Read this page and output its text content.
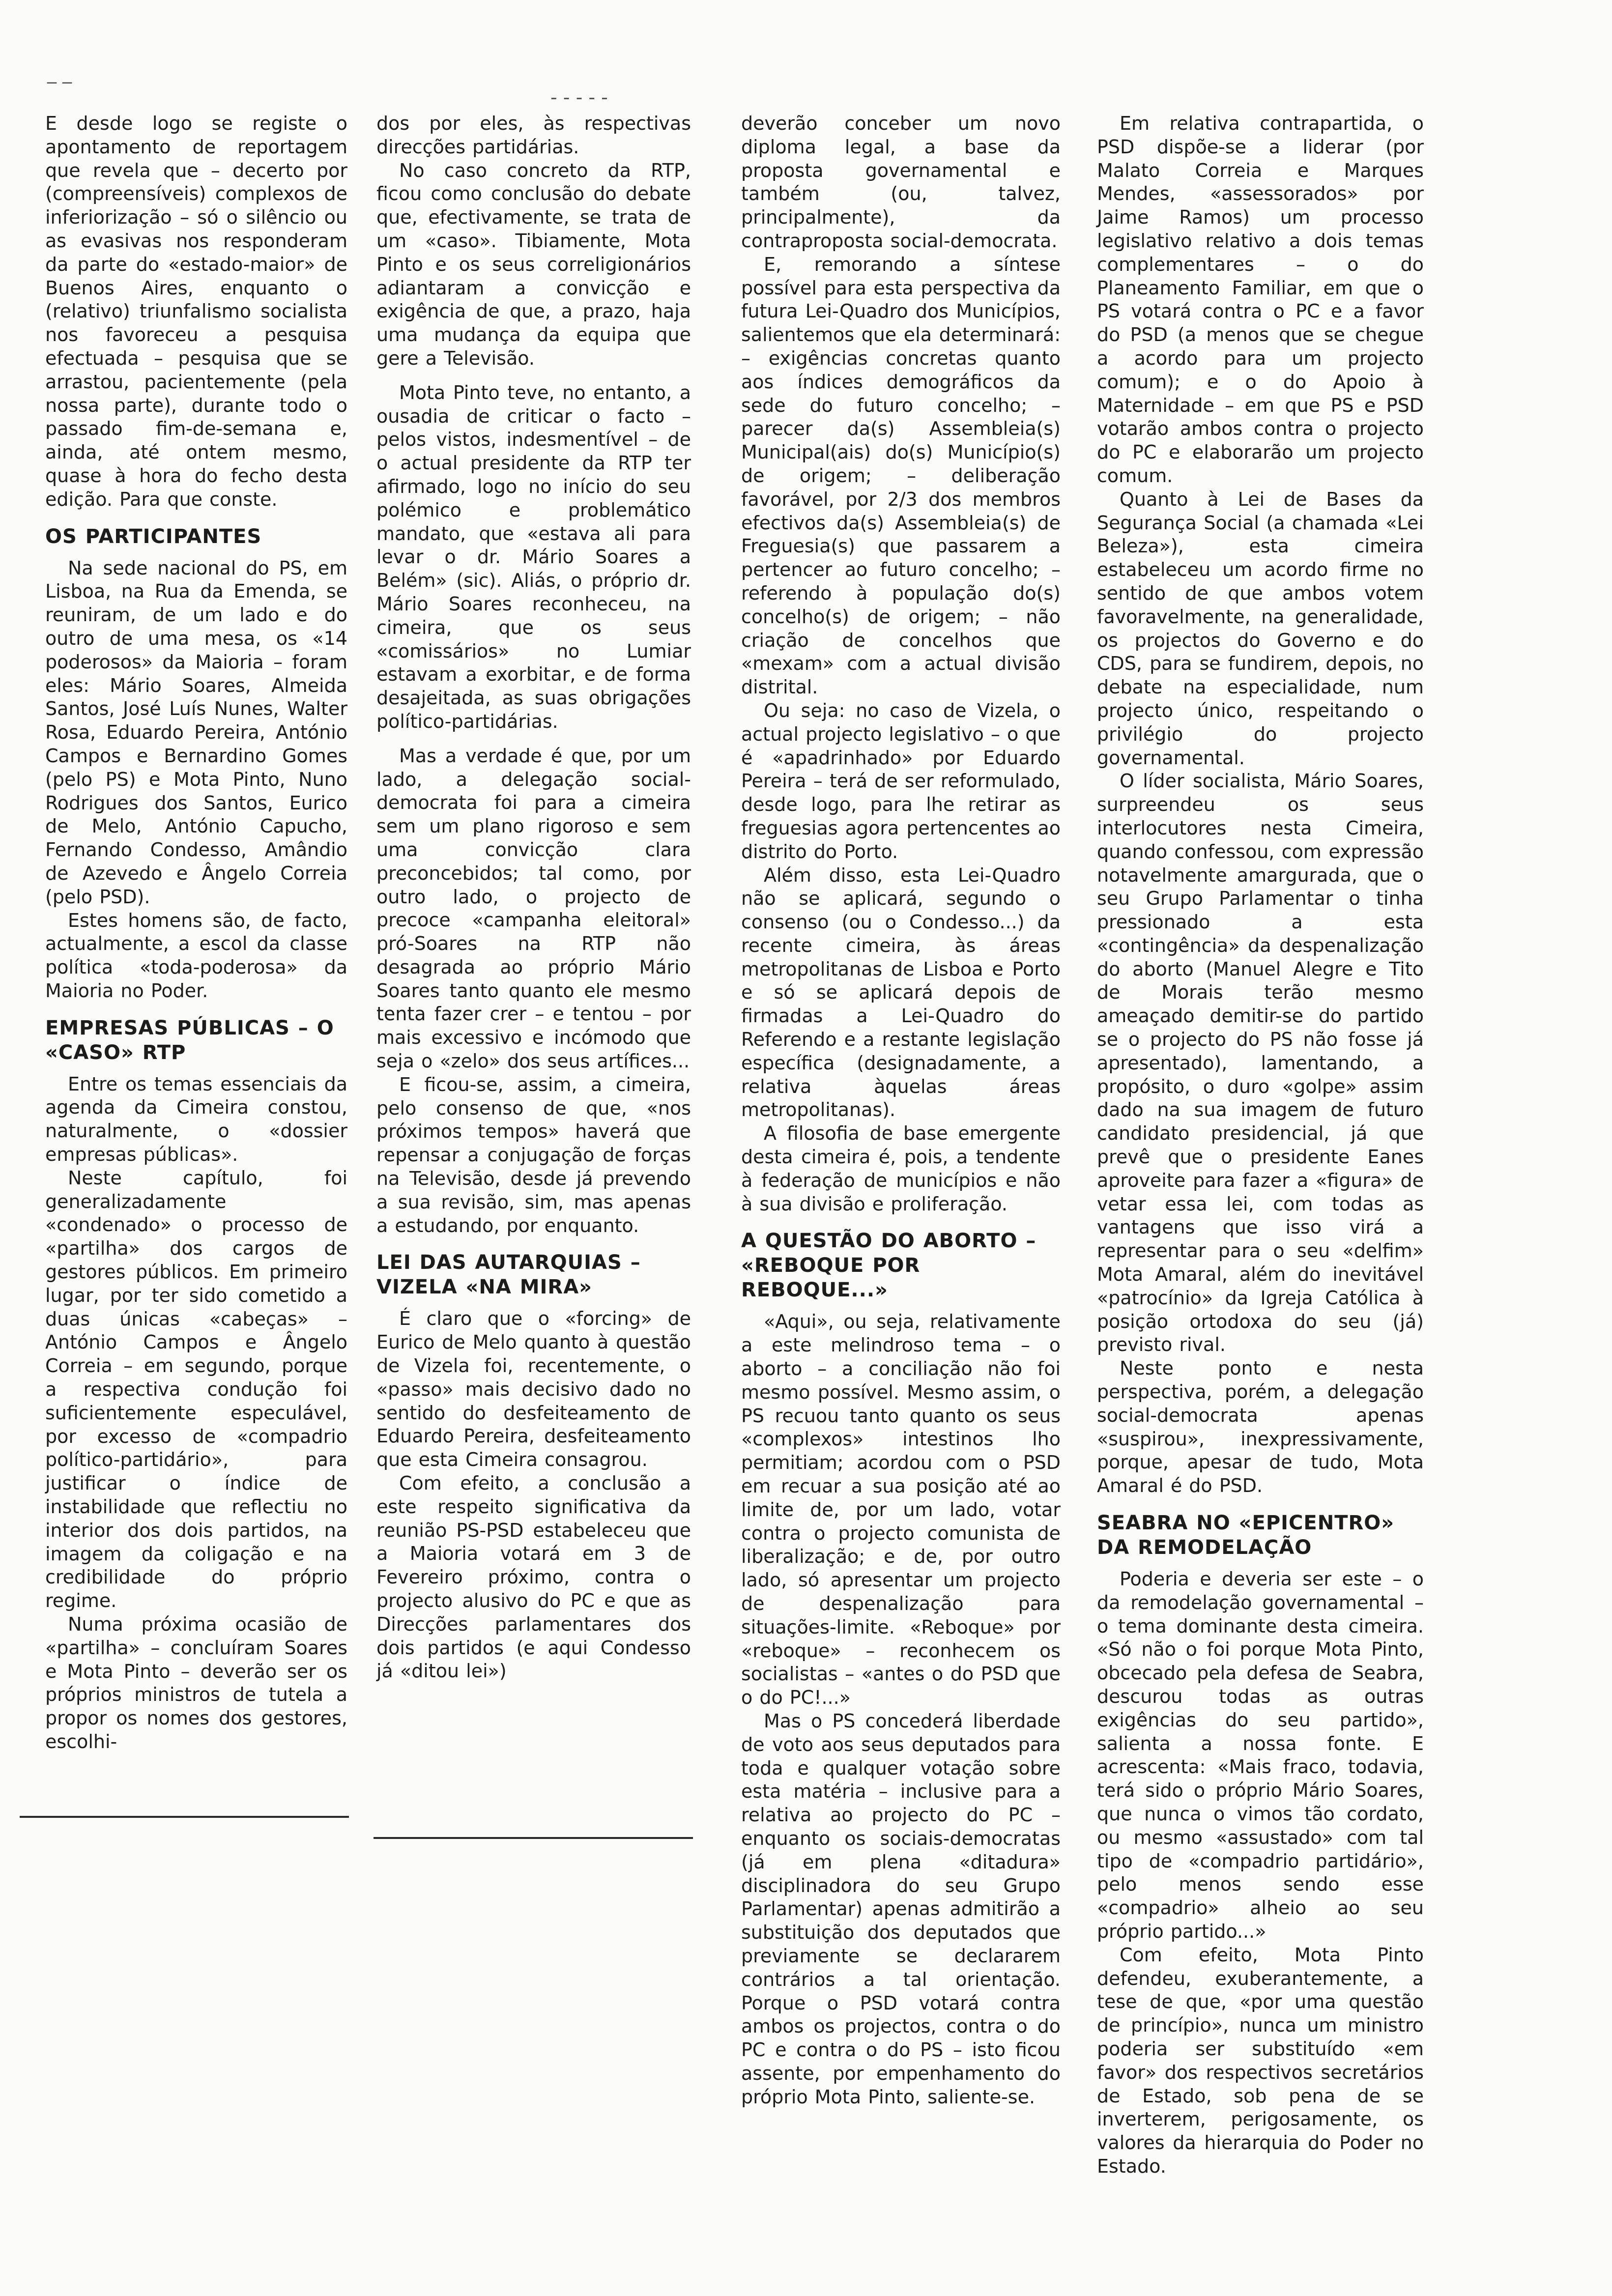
_ _
- - - - -

E desde logo se registe o apontamento de reportagem que revela que – decerto por (compreensíveis) complexos de inferiorização – só o silêncio ou as evasivas nos responderam da parte do «estado-maior» de Buenos Aires, enquanto o (relativo) triunfalismo socialista nos favoreceu a pesquisa efectuada – pesquisa que se arrastou, pacientemente (pela nossa parte), durante todo o passado fim-de-semana e, ainda, até ontem mesmo, quase à hora do fecho desta edição. Para que conste.

OS PARTICIPANTES

Na sede nacional do PS, em Lisboa, na Rua da Emenda, se reuniram, de um lado e do outro de uma mesa, os «14 poderosos» da Maioria – foram eles: Mário Soares, Almeida Santos, José Luís Nunes, Walter Rosa, Eduardo Pereira, António Campos e Bernardino Gomes (pelo PS) e Mota Pinto, Nuno Rodrigues dos Santos, Eurico de Melo, António Capucho, Fernando Condesso, Amândio de Azevedo e Ângelo Correia (pelo PSD).

Estes homens são, de facto, actualmente, a escol da classe política «toda-poderosa» da Maioria no Poder.

EMPRESAS PÚBLICAS – O «CASO» RTP

Entre os temas essenciais da agenda da Cimeira constou, naturalmente, o «dossier empresas públicas».

Neste capítulo, foi generalizadamente «condenado» o processo de «partilha» dos cargos de gestores públicos. Em primeiro lugar, por ter sido cometido a duas únicas «cabeças» – António Campos e Ângelo Correia – em segundo, porque a respectiva condução foi suficientemente especulável, por excesso de «compadrio político-partidário», para justificar o índice de instabilidade que reflectiu no interior dos dois partidos, na imagem da coligação e na credibilidade do próprio regime.

Numa próxima ocasião de «partilha» – concluíram Soares e Mota Pinto – deverão ser os próprios ministros de tutela a propor os nomes dos gestores, escolhi-

dos por eles, às respectivas direcções partidárias.

No caso concreto da RTP, ficou como conclusão do debate que, efectivamente, se trata de um «caso». Tibiamente, Mota Pinto e os seus correligionários adiantaram a convicção e exigência de que, a prazo, haja uma mudança da equipa que gere a Televisão.

Mota Pinto teve, no entanto, a ousadia de criticar o facto – pelos vistos, indesmentível – de o actual presidente da RTP ter afirmado, logo no início do seu polémico e problemático mandato, que «estava ali para levar o dr. Mário Soares a Belém» (sic). Aliás, o próprio dr. Mário Soares reconheceu, na cimeira, que os seus «comissários» no Lumiar estavam a exorbitar, e de forma desajeitada, as suas obrigações político-partidárias.

Mas a verdade é que, por um lado, a delegação social-democrata foi para a cimeira sem um plano rigoroso e sem uma convicção clara preconcebidos; tal como, por outro lado, o projecto de precoce «campanha eleitoral» pró-Soares na RTP não desagrada ao próprio Mário Soares tanto quanto ele mesmo tenta fazer crer – e tentou – por mais excessivo e incómodo que seja o «zelo» dos seus artífices...

E ficou-se, assim, a cimeira, pelo consenso de que, «nos próximos tempos» haverá que repensar a conjugação de forças na Televisão, desde já prevendo a sua revisão, sim, mas apenas a estudando, por enquanto.

LEI DAS AUTARQUIAS – VIZELA «NA MIRA»

É claro que o «forcing» de Eurico de Melo quanto à questão de Vizela foi, recentemente, o «passo» mais decisivo dado no sentido do desfeiteamento de Eduardo Pereira, desfeiteamento que esta Cimeira consagrou.

Com efeito, a conclusão a este respeito significativa da reunião PS-PSD estabeleceu que a Maioria votará em 3 de Fevereiro próximo, contra o projecto alusivo do PC e que as Direcções parlamentares dos dois partidos (e aqui Condesso já «ditou lei»)

deverão conceber um novo diploma legal, a base da proposta governamental e também (ou, talvez, principalmente), da contraproposta social-democrata.

E, remorando a síntese possível para esta perspectiva da futura Lei-Quadro dos Municípios, salientemos que ela determinará: – exigências concretas quanto aos índices demográficos da sede do futuro concelho; – parecer da(s) Assembleia(s) Municipal(ais) do(s) Município(s) de origem; – deliberação favorável, por 2/3 dos membros efectivos da(s) Assembleia(s) de Freguesia(s) que passarem a pertencer ao futuro concelho; – referendo à população do(s) concelho(s) de origem; – não criação de concelhos que «mexam» com a actual divisão distrital.

Ou seja: no caso de Vizela, o actual projecto legislativo – o que é «apadrinhado» por Eduardo Pereira – terá de ser reformulado, desde logo, para lhe retirar as freguesias agora pertencentes ao distrito do Porto.

Além disso, esta Lei-Quadro não se aplicará, segundo o consenso (ou o Condesso...) da recente cimeira, às áreas metropolitanas de Lisboa e Porto e só se aplicará depois de firmadas a Lei-Quadro do Referendo e a restante legislação específica (designadamente, a relativa àquelas áreas metropolitanas).

A filosofia de base emergente desta cimeira é, pois, a tendente à federação de municípios e não à sua divisão e proliferação.

A QUESTÃO DO ABORTO – «REBOQUE POR REBOQUE...»

«Aqui», ou seja, relativamente a este melindroso tema – o aborto – a conciliação não foi mesmo possível. Mesmo assim, o PS recuou tanto quanto os seus «complexos» intestinos lho permitiam; acordou com o PSD em recuar a sua posição até ao limite de, por um lado, votar contra o projecto comunista de liberalização; e de, por outro lado, só apresentar um projecto de despenalização para situações-limite. «Reboque» por «reboque» – reconhecem os socialistas – «antes o do PSD que o do PC!...»

Mas o PS concederá liberdade de voto aos seus deputados para toda e qualquer votação sobre esta matéria – inclusive para a relativa ao projecto do PC – enquanto os sociais-democratas (já em plena «ditadura» disciplinadora do seu Grupo Parlamentar) apenas admitirão a substituição dos deputados que previamente se declararem contrários a tal orientação. Porque o PSD votará contra ambos os projectos, contra o do PC e contra o do PS – isto ficou assente, por empenhamento do próprio Mota Pinto, saliente-se.

Em relativa contrapartida, o PSD dispõe-se a liderar (por Malato Correia e Marques Mendes, «assessorados» por Jaime Ramos) um processo legislativo relativo a dois temas complementares – o do Planeamento Familiar, em que o PS votará contra o PC e a favor do PSD (a menos que se chegue a acordo para um projecto comum); e o do Apoio à Maternidade – em que PS e PSD votarão ambos contra o projecto do PC e elaborarão um projecto comum.

Quanto à Lei de Bases da Segurança Social (a chamada «Lei Beleza»), esta cimeira estabeleceu um acordo firme no sentido de que ambos votem favoravelmente, na generalidade, os projectos do Governo e do CDS, para se fundirem, depois, no debate na especialidade, num projecto único, respeitando o privilégio do projecto governamental.

O líder socialista, Mário Soares, surpreendeu os seus interlocutores nesta Cimeira, quando confessou, com expressão notavelmente amargurada, que o seu Grupo Parlamentar o tinha pressionado a esta «contingência» da despenalização do aborto (Manuel Alegre e Tito de Morais terão mesmo ameaçado demitir-se do partido se o projecto do PS não fosse já apresentado), lamentando, a propósito, o duro «golpe» assim dado na sua imagem de futuro candidato presidencial, já que prevê que o presidente Eanes aproveite para fazer a «figura» de vetar essa lei, com todas as vantagens que isso virá a representar para o seu «delfim» Mota Amaral, além do inevitável «patrocínio» da Igreja Católica à posição ortodoxa do seu (já) previsto rival.

Neste ponto e nesta perspectiva, porém, a delegação social-democrata apenas «suspirou», inexpressivamente, porque, apesar de tudo, Mota Amaral é do PSD.

SEABRA NO «EPICENTRO» DA REMODELAÇÃO

Poderia e deveria ser este – o da remodelação governamental – o tema dominante desta cimeira. «Só não o foi porque Mota Pinto, obcecado pela defesa de Seabra, descurou todas as outras exigências do seu partido», salienta a nossa fonte. E acrescenta: «Mais fraco, todavia, terá sido o próprio Mário Soares, que nunca o vimos tão cordato, ou mesmo «assustado» com tal tipo de «compadrio partidário», pelo menos sendo esse «compadrio» alheio ao seu próprio partido...»

Com efeito, Mota Pinto defendeu, exuberantemente, a tese de que, «por uma questão de princípio», nunca um ministro poderia ser substituído «em favor» dos respectivos secretários de Estado, sob pena de se inverterem, perigosamente, os valores da hierarquia do Poder no Estado.
